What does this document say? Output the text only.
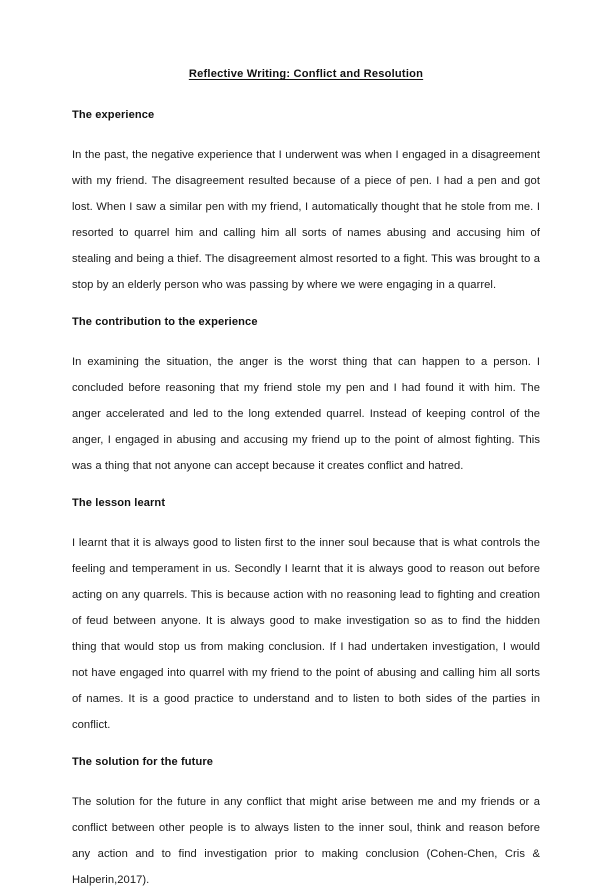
Reflective Writing: Conflict and Resolution
The experience

In the past, the negative experience that I underwent was when I engaged in a disagreement with my friend. The disagreement resulted because of a piece of pen. I had a pen and got lost. When I saw a similar pen with my friend, I automatically thought that he stole from me. I resorted to quarrel him and calling him all sorts of names abusing and accusing him of stealing and being a thief. The disagreement almost resorted to a fight. This was brought to a stop by an elderly person who was passing by where we were engaging in a quarrel.

The contribution to the experience

In examining the situation, the anger is the worst thing that can happen to a person. I concluded before reasoning that my friend stole my pen and I had found it with him. The anger accelerated and led to the long extended quarrel. Instead of keeping control of the anger, I engaged in abusing and accusing my friend up to the point of almost fighting. This was a thing that not anyone can accept because it creates conflict and hatred.

The lesson learnt

I learnt that it is always good to listen first to the inner soul because that is what controls the feeling and temperament in us. Secondly I learnt that it is always good to reason out before acting on any quarrels. This is because action with no reasoning lead to fighting and creation of feud between anyone. It is always good to make investigation so as to find the hidden thing that would stop us from making conclusion. If I had undertaken investigation, I would not have engaged into quarrel with my friend to the point of abusing and calling him all sorts of names. It is a good practice to understand and to listen to both sides of the parties in conflict.

The solution for the future

The solution for the future in any conflict that might arise between me and my friends or a conflict between other people is to always listen to the inner soul, think and reason before any action and to find investigation prior to making conclusion (Cohen-Chen, Cris & Halperin,2017).
